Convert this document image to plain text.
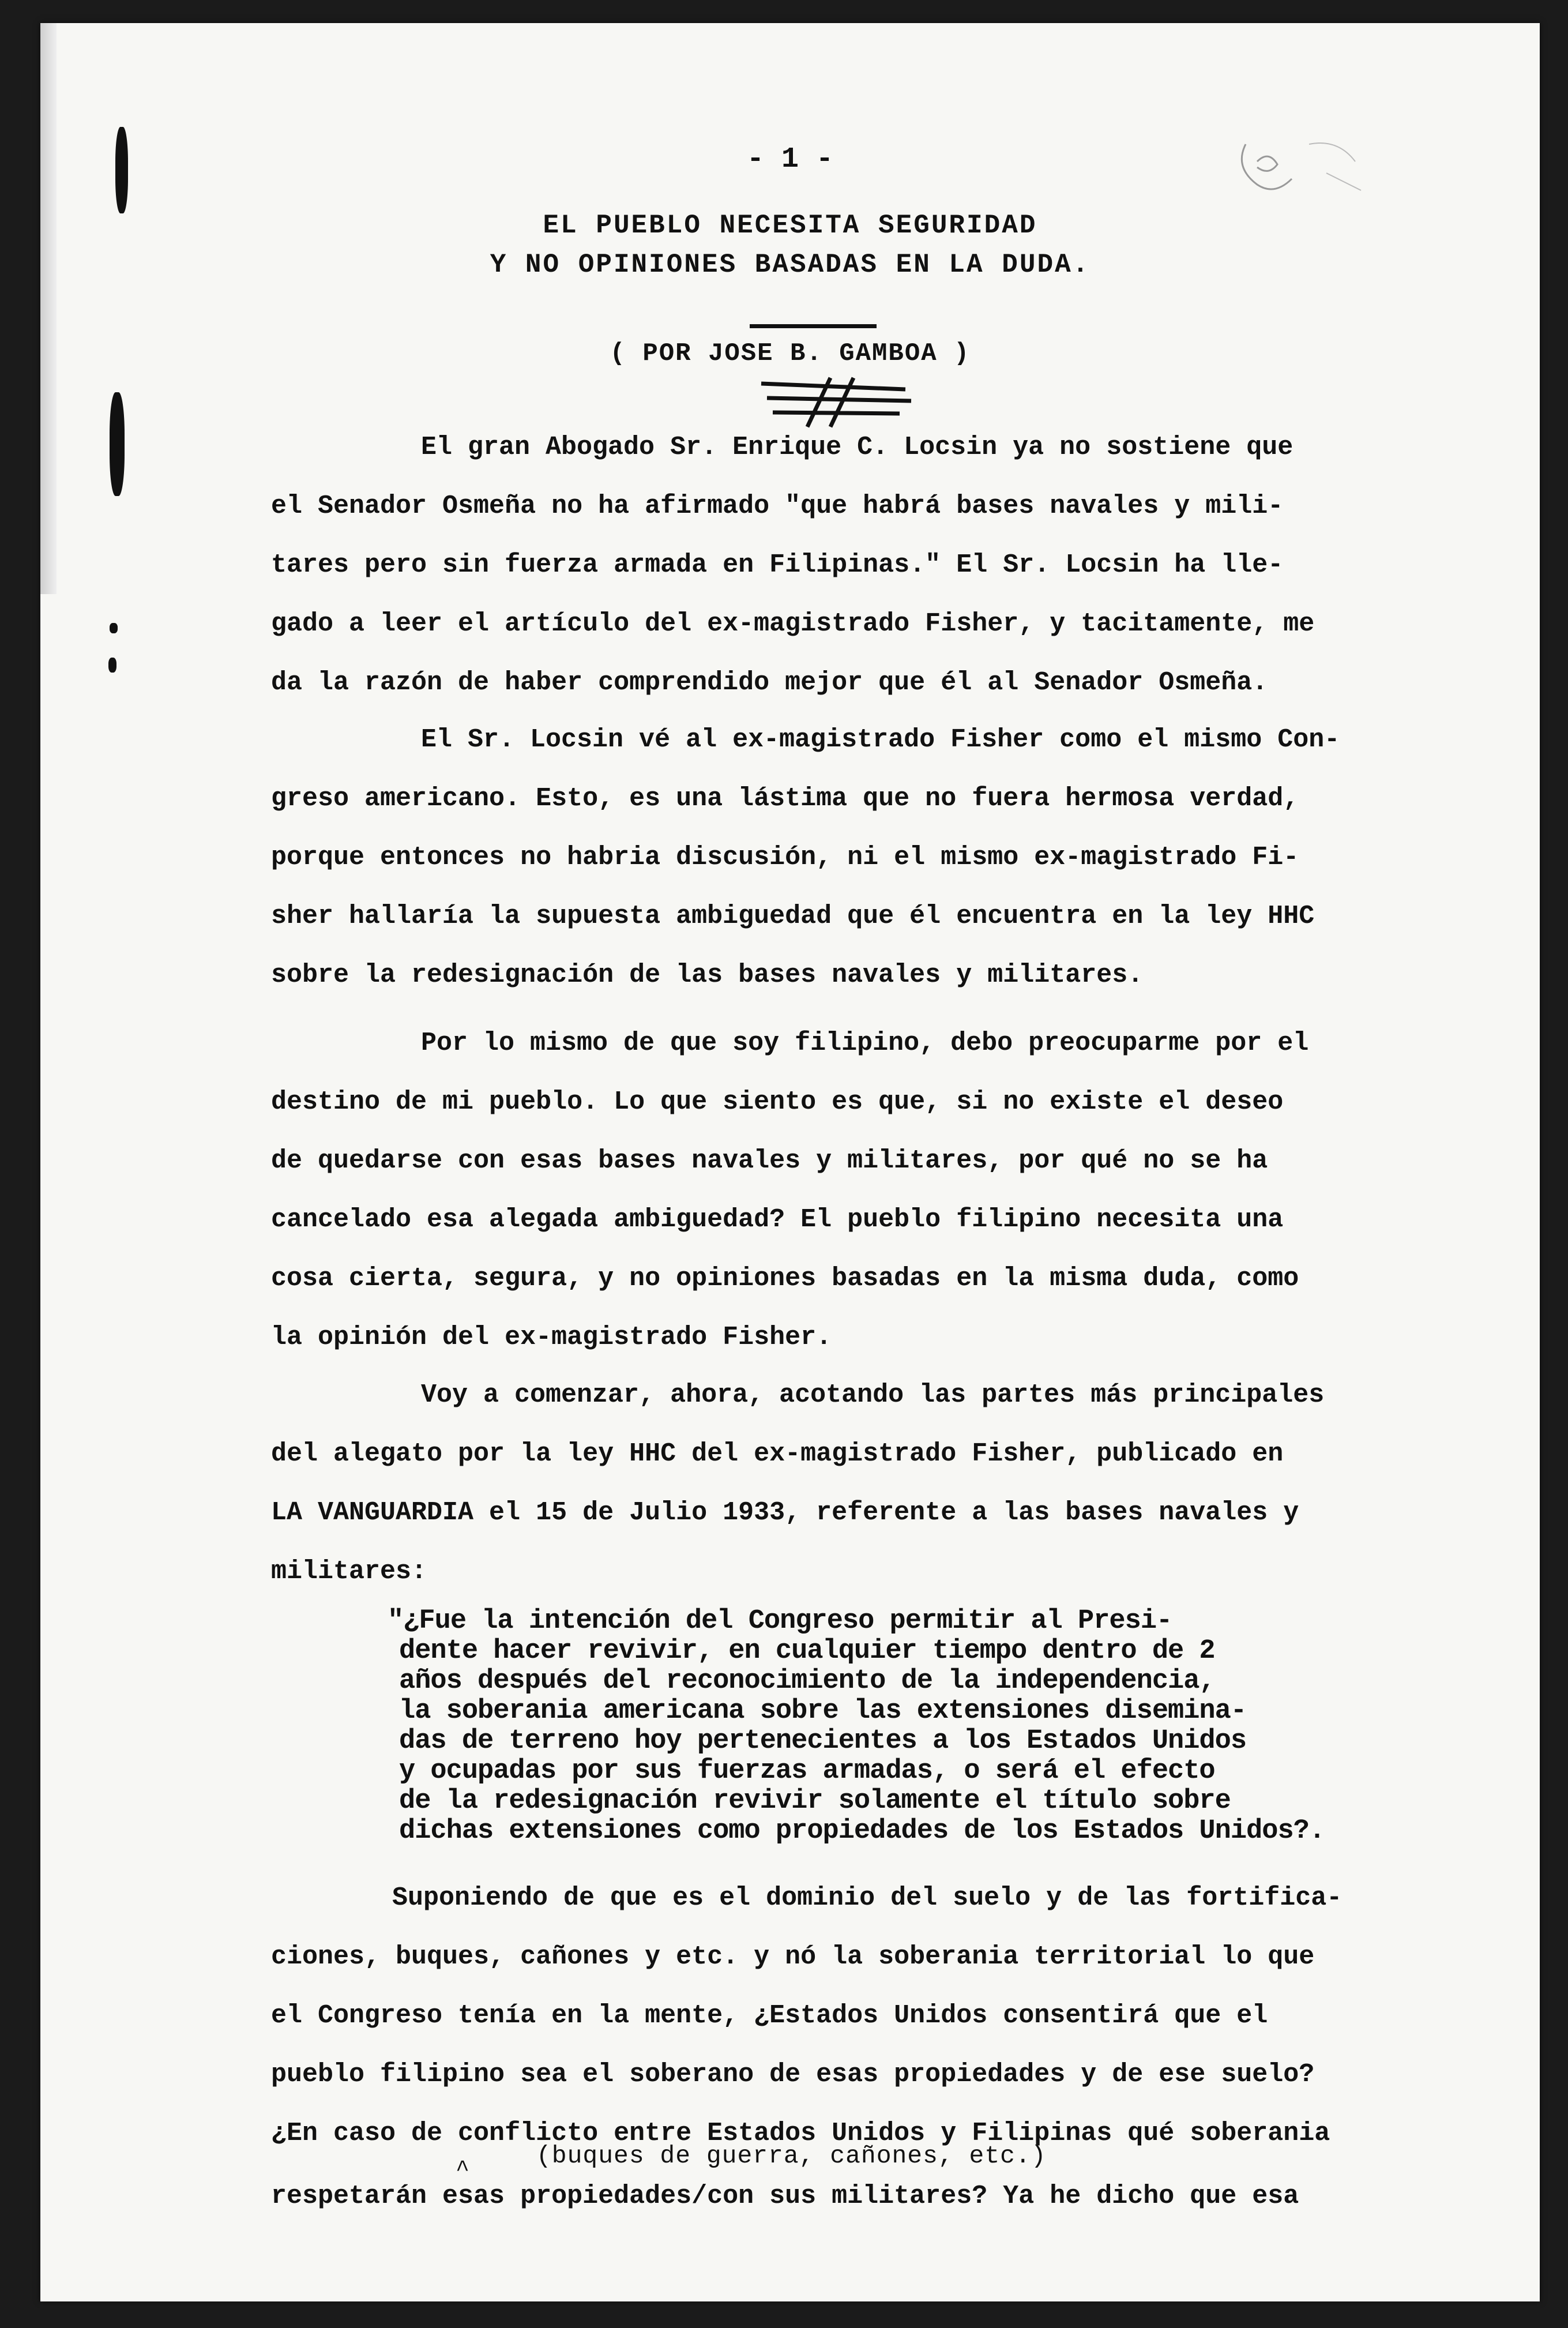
- 1 -
EL PUEBLO NECESITA SEGURIDAD
Y NO OPINIONES BASADAS EN LA DUDA.
( POR JOSE B. GAMBOA )

El gran Abogado Sr. Enrique C. Locsin ya no sostiene que

el Senador Osmeña no ha afirmado "que habrá bases navales y mili-

tares pero sin fuerza armada en Filipinas." El Sr. Locsin ha lle-

gado a leer el artículo del ex-magistrado Fisher, y tacitamente, me

da la razón de haber comprendido mejor que él al Senador Osmeña.

El Sr. Locsin vé al ex-magistrado Fisher como el mismo Con-

greso americano. Esto, es una lástima que no fuera hermosa verdad,

porque entonces no habria discusión, ni el mismo ex-magistrado Fi-

sher hallaría la supuesta ambiguedad que él encuentra en la ley HHC

sobre la redesignación de las bases navales y militares.

Por lo mismo de que soy filipino, debo preocuparme por el

destino de mi pueblo. Lo que siento es que, si no existe el deseo

de quedarse con esas bases navales y militares, por qué no se ha

cancelado esa alegada ambiguedad? El pueblo filipino necesita una

cosa cierta, segura, y no opiniones basadas en la misma duda, como

la opinión del ex-magistrado Fisher.

Voy a comenzar, ahora, acotando las partes más principales

del alegato por la ley HHC del ex-magistrado Fisher, publicado en

LA VANGUARDIA el 15 de Julio 1933, referente a las bases navales y

militares:

"¿Fue la intención del Congreso permitir al Presi-

dente hacer revivir, en cualquier tiempo dentro de 2

años después del reconocimiento de la independencia,

la soberania americana sobre las extensiones disemina-

das de terreno hoy pertenecientes a los Estados Unidos

y ocupadas por sus fuerzas armadas, o será el efecto

de la redesignación revivir solamente el título sobre

dichas extensiones como propiedades de los Estados Unidos?.

Suponiendo de que es el dominio del suelo y de las fortifica-

ciones, buques, cañones y etc. y nó la soberania territorial lo que

el Congreso tenía en la mente, ¿Estados Unidos consentirá que el

pueblo filipino sea el soberano de esas propiedades y de ese suelo?

¿En caso de conflicto entre Estados Unidos y Filipinas qué soberania

(buques de guerra, cañones, etc.)
^
respetarán esas propiedades/con sus militares? Ya he dicho que esa
